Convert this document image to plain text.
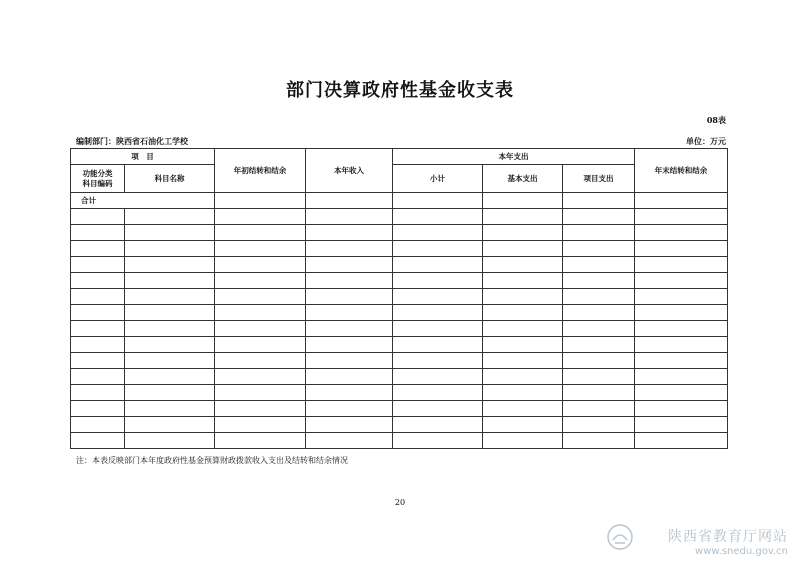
部门决算政府性基金收支表
08表
编制部门：陕西省石油化工学校	单位：万元
项　目		年初结转和结余	本年收入	本年支出			年末结转和结余
功能分类
科目编码	科目名称			小计	基本支出	项目支出	
合计							

注：本表反映部门本年度政府性基金预算财政拨款收入支出及结转和结余情况
20
陕西省教育厅网站
www.snedu.gov.cn
